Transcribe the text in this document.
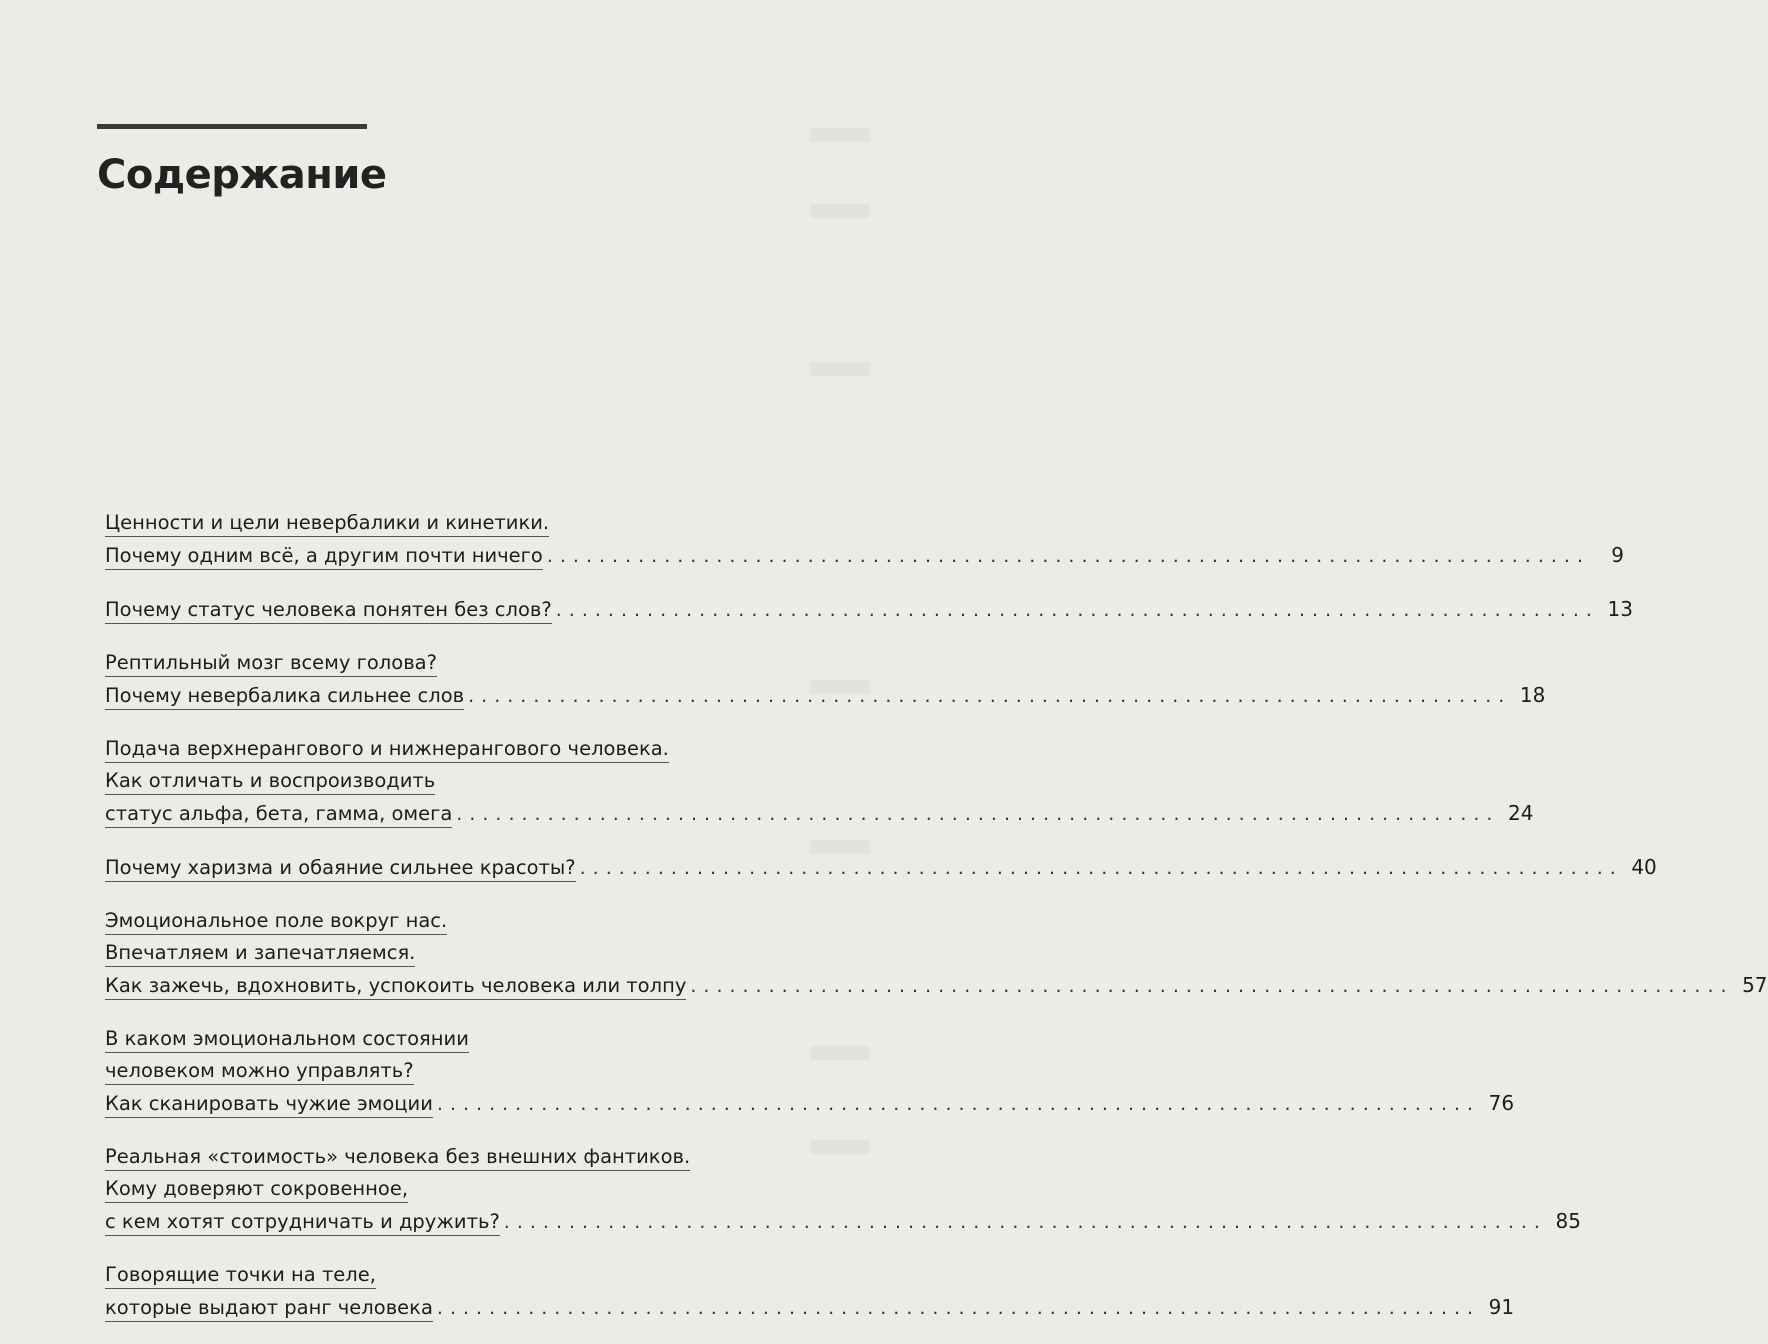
Содержание
Ценности и цели невербалики и кинетики.
Почему одним всё, а другим почти ничего ................................................................................	9
Почему статус человека понятен без слов? ................................................................................ 13
Рептильный мозг всему голова?
Почему невербалика сильнее слов ................................................................................ 18
Подача верхнерангового и нижнерангового человека.
Как отличать и воспроизводить
статус альфа, бета, гамма, омега ................................................................................ 24
Почему харизма и обаяние сильнее красоты? ................................................................................ 40
Эмоциональное поле вокруг нас.
Впечатляем и запечатляемся.
Как зажечь, вдохновить, успокоить человека или толпу ................................................................................ 57
В каком эмоциональном состоянии
человеком можно управлять?
Как сканировать чужие эмоции ................................................................................ 76
Реальная «стоимость» человека без внешних фантиков.
Кому доверяют сокровенное,
с кем хотят сотрудничать и дружить? ................................................................................ 85
Говорящие точки на теле,
которые выдают ранг человека ................................................................................ 91
